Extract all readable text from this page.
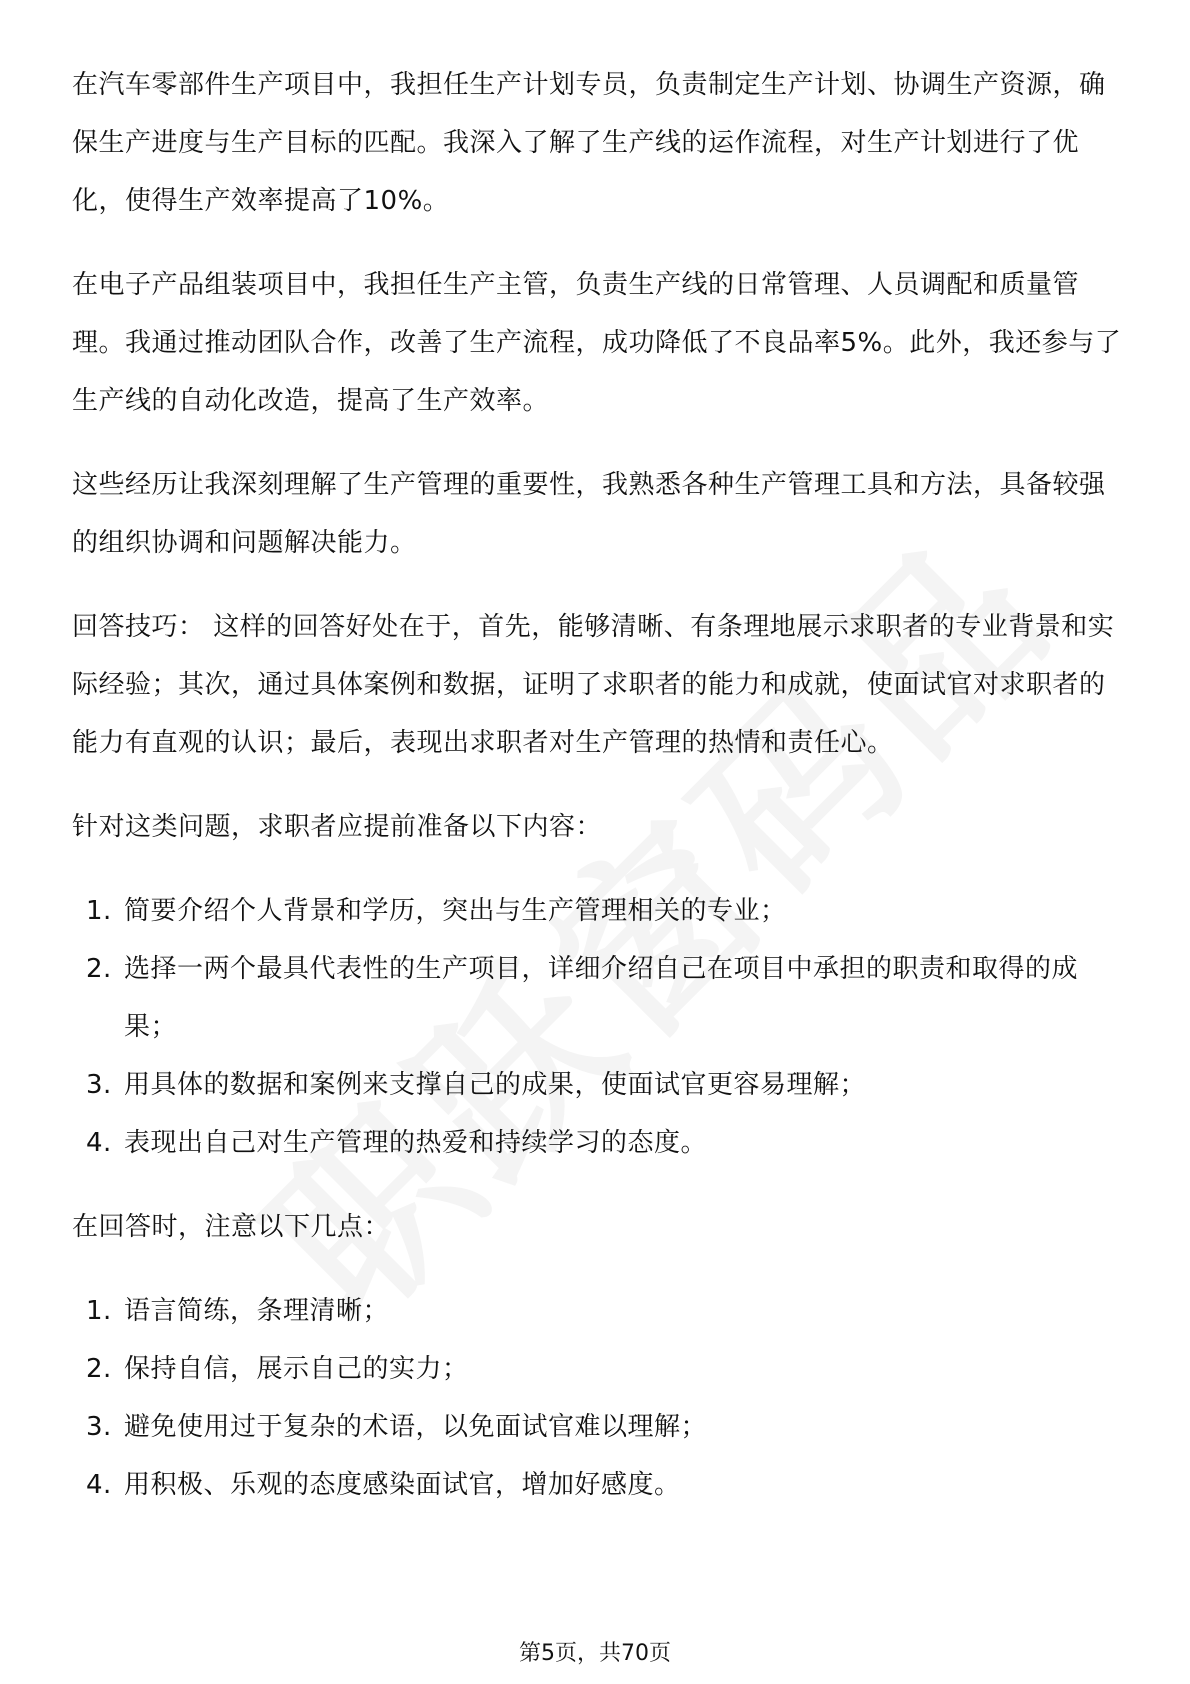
在汽车零部件生产项目中，我担任生产计划专员，负责制定生产计划、协调生产资源，确保生产进度与生产目标的匹配。我深入了解了生产线的运作流程，对生产计划进行了优化，使得生产效率提高了10%。

在电子产品组装项目中，我担任生产主管，负责生产线的日常管理、人员调配和质量管理。我通过推动团队合作，改善了生产流程，成功降低了不良品率5%。此外，我还参与了生产线的自动化改造，提高了生产效率。

这些经历让我深刻理解了生产管理的重要性，我熟悉各种生产管理工具和方法，具备较强的组织协调和问题解决能力。

回答技巧： 这样的回答好处在于，首先，能够清晰、有条理地展示求职者的专业背景和实际经验；其次，通过具体案例和数据，证明了求职者的能力和成就，使面试官对求职者的能力有直观的认识；最后，表现出求职者对生产管理的热情和责任心。

针对这类问题，求职者应提前准备以下内容：

1. 简要介绍个人背景和学历，突出与生产管理相关的专业；
2. 选择一两个最具代表性的生产项目，详细介绍自己在项目中承担的职责和取得的成果；
3. 用具体的数据和案例来支撑自己的成果，使面试官更容易理解；
4. 表现出自己对生产管理的热爱和持续学习的态度。

在回答时，注意以下几点：

1. 语言简练，条理清晰；
2. 保持自信，展示自己的实力；
3. 避免使用过于复杂的术语，以免面试官难以理解；
4. 用积极、乐观的态度感染面试官，增加好感度。
第5页，共70页
